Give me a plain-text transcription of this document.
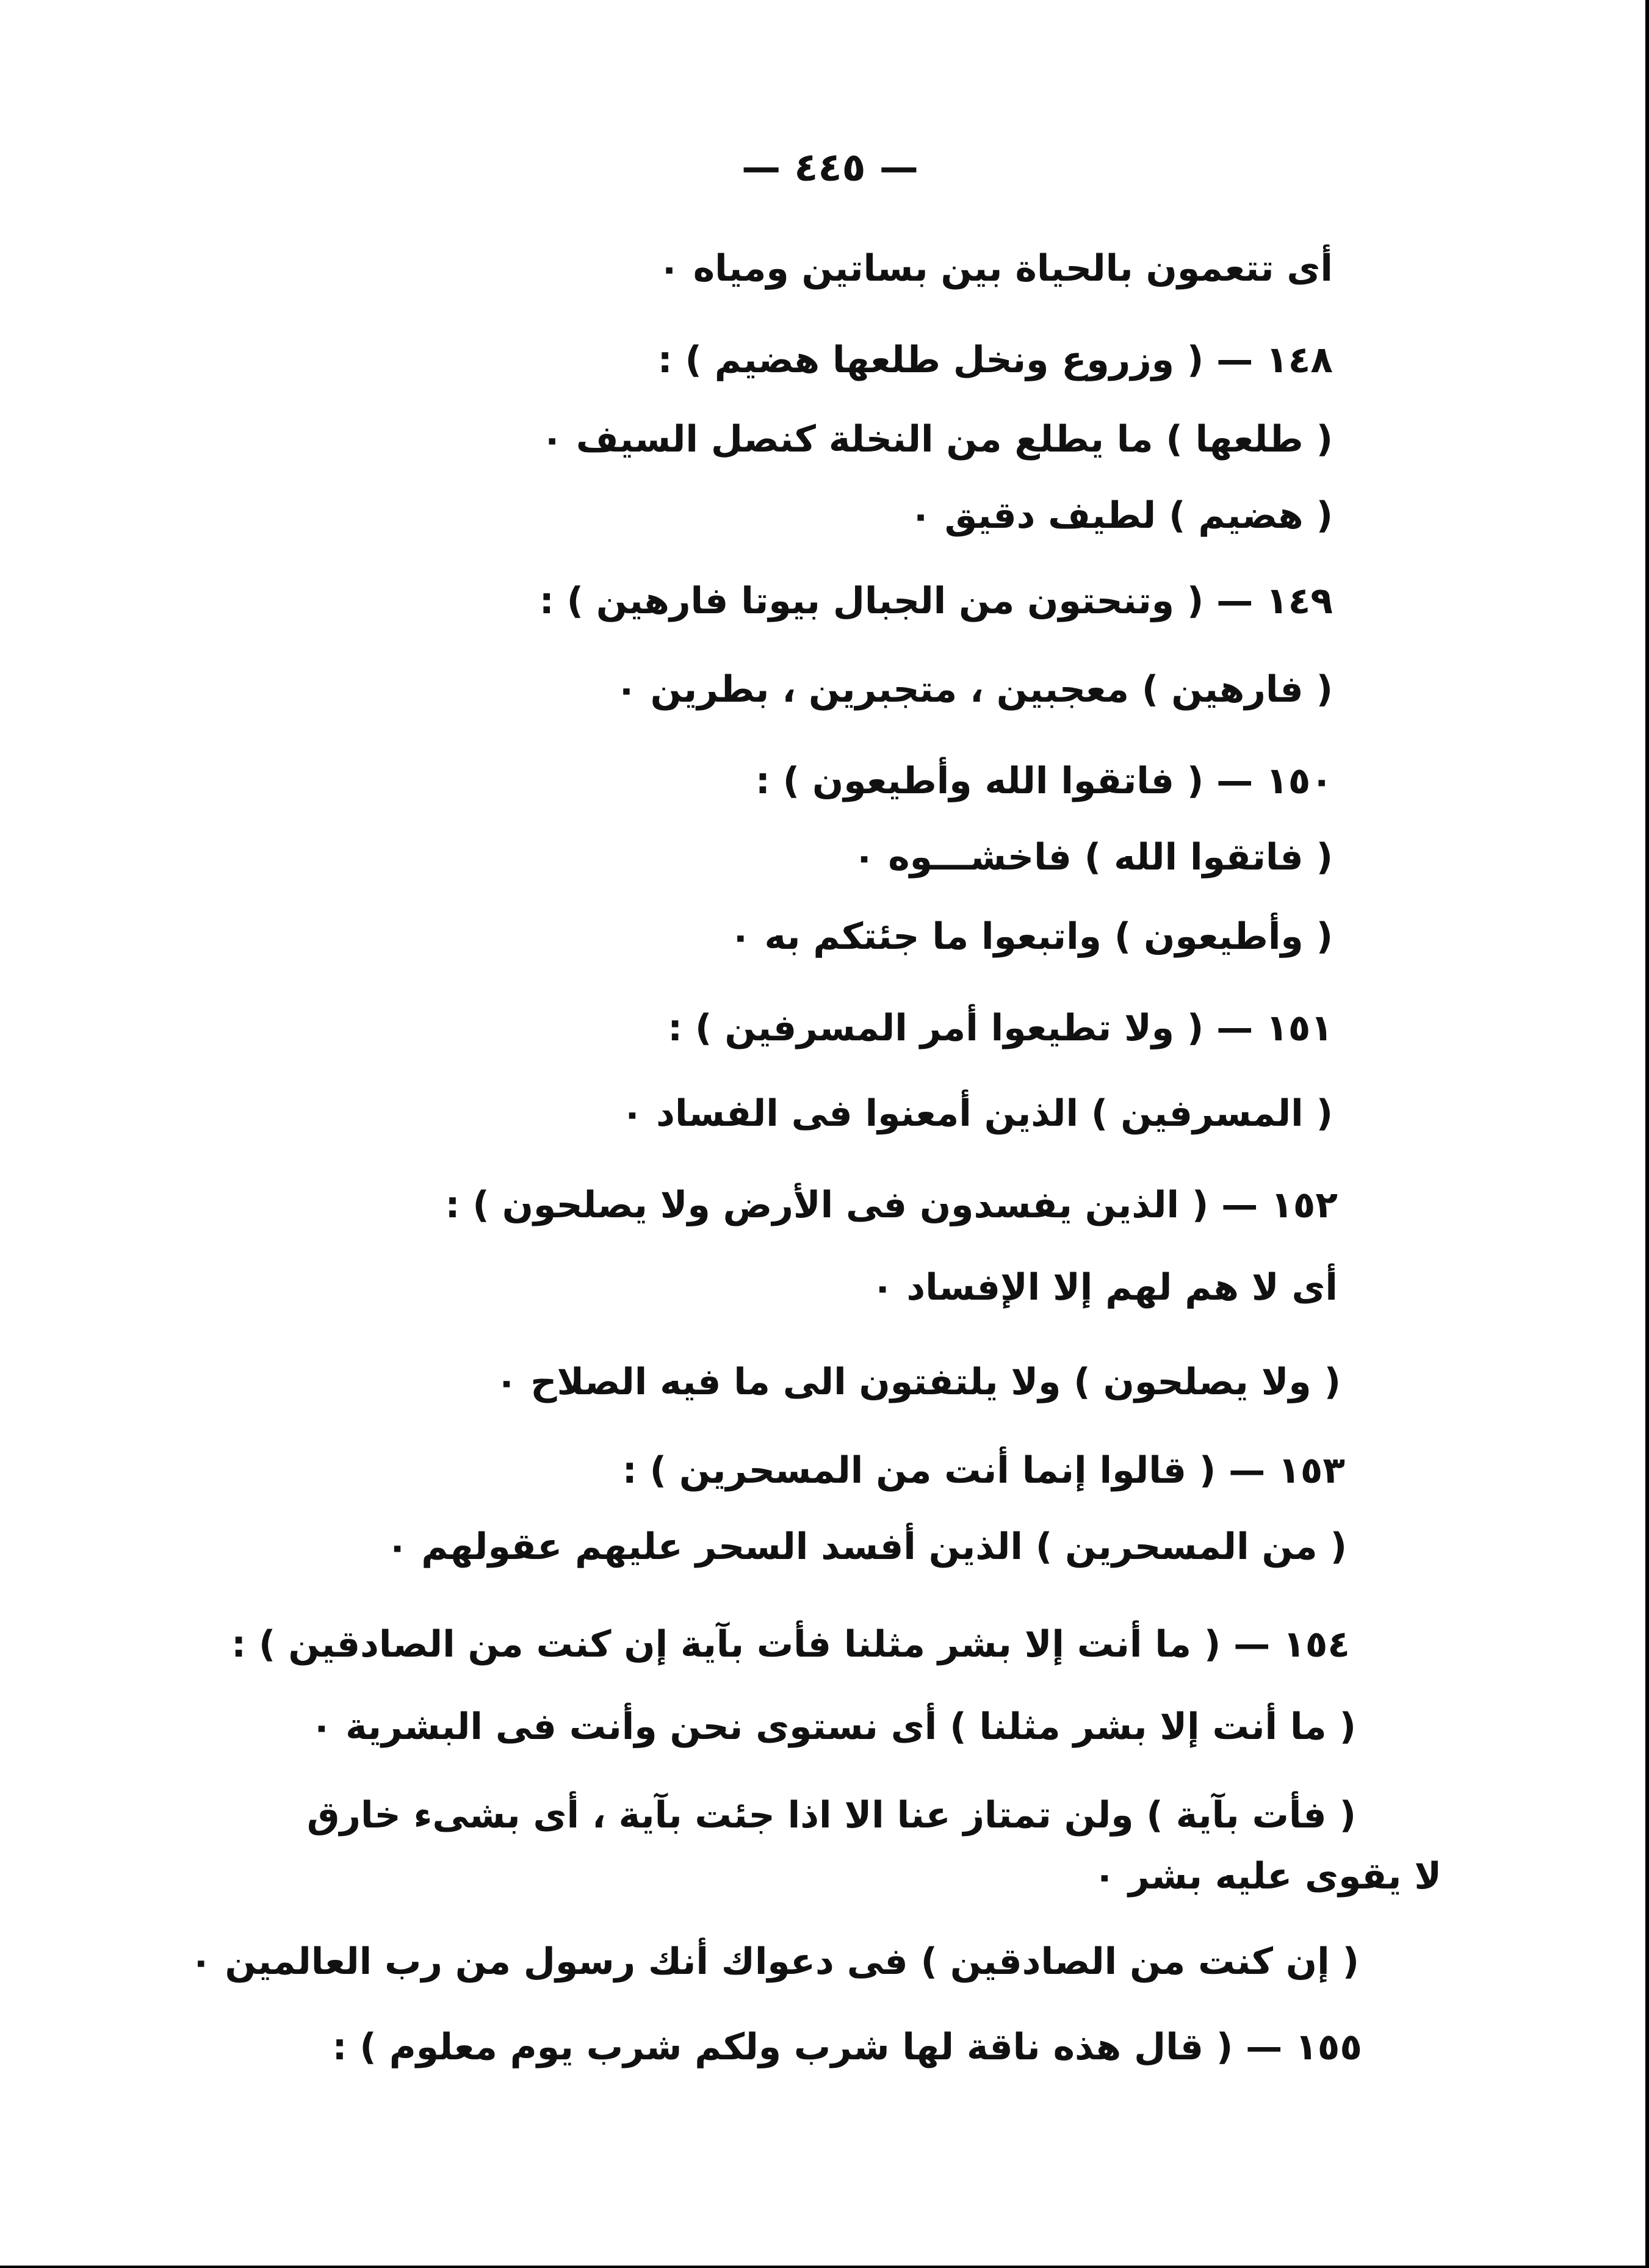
— ٤٤٥ —
أى تتعمون بالحياة بين بساتين ومياه ٠
١٤٨ — ( وزروع ونخل طلعها هضيم ) :
( طلعها ) ما يطلع من النخلة كنصل السيف ٠
( هضيم ) لطيف دقيق ٠
١٤٩ — ( وتنحتون من الجبال بيوتا فارهين ) :
( فارهين ) معجبين ، متجبرين ، بطرين ٠
١٥٠ — ( فاتقوا الله وأطيعون ) :
( فاتقوا الله ) فاخشـــوه ٠
( وأطيعون ) واتبعوا ما جئتكم به ٠
١٥١ — ( ولا تطيعوا أمر المسرفين ) :
( المسرفين ) الذين أمعنوا فى الفساد ٠
١٥٢ — ( الذين يفسدون فى الأرض ولا يصلحون ) :
أى لا هم لهم إلا الإفساد ٠
( ولا يصلحون ) ولا يلتفتون الى ما فيه الصلاح ٠
١٥٣ — ( قالوا إنما أنت من المسحرين ) :
( من المسحرين ) الذين أفسد السحر عليهم عقولهم ٠
١٥٤ — ( ما أنت إلا بشر مثلنا فأت بآية إن كنت من الصادقين ) :
( ما أنت إلا بشر مثلنا ) أى نستوى نحن وأنت فى البشرية ٠
( فأت بآية ) ولن تمتاز عنا الا اذا جئت بآية ، أى بشىء خارق
لا يقوى عليه بشر ٠
( إن كنت من الصادقين ) فى دعواك أنك رسول من رب العالمين ٠
١٥٥ — ( قال هذه ناقة لها شرب ولكم شرب يوم معلوم ) :
